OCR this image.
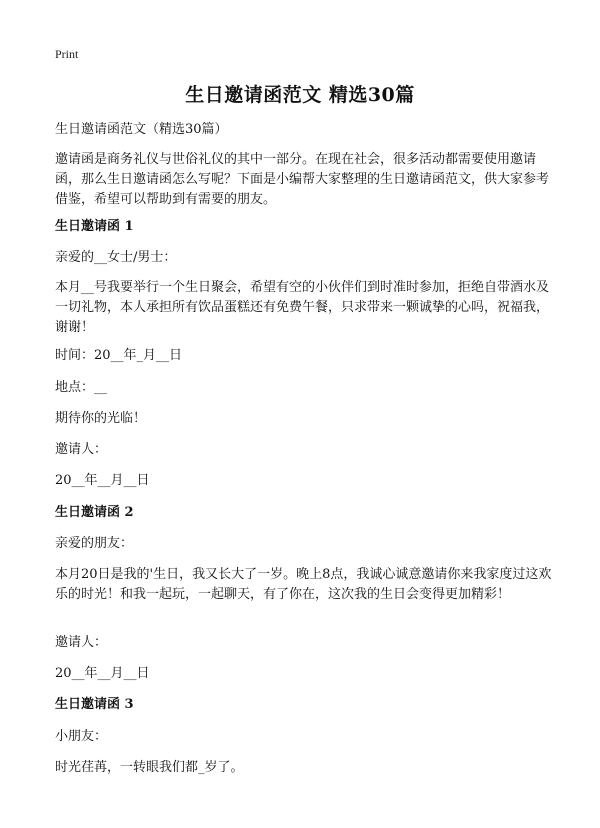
Print
生日邀请函范文 精选30篇
生日邀请函范文（精选30篇）
邀请函是商务礼仪与世俗礼仪的其中一部分。在现在社会，很多活动都需要使用邀请函，那么生日邀请函怎么写呢？下面是小编帮大家整理的生日邀请函范文，供大家参考借鉴，希望可以帮助到有需要的朋友。
生日邀请函 1
亲爱的__女士/男士：
本月__号我要举行一个生日聚会，希望有空的小伙伴们到时准时参加，拒绝自带酒水及一切礼物，本人承担所有饮品蛋糕还有免费午餐，只求带来一颗诚挚的心吗，祝福我，谢谢！
时间：20__年_月__日
地点：__
期待你的光临！
邀请人：
20__年__月__日
生日邀请函 2
亲爱的朋友：
本月20日是我的'生日，我又长大了一岁。晚上8点，我诚心诚意邀请你来我家度过这欢乐的时光！和我一起玩，一起聊天，有了你在，这次我的生日会变得更加精彩！
邀请人：
20__年__月__日
生日邀请函 3
小朋友：
时光荏苒，一转眼我们都_岁了。
